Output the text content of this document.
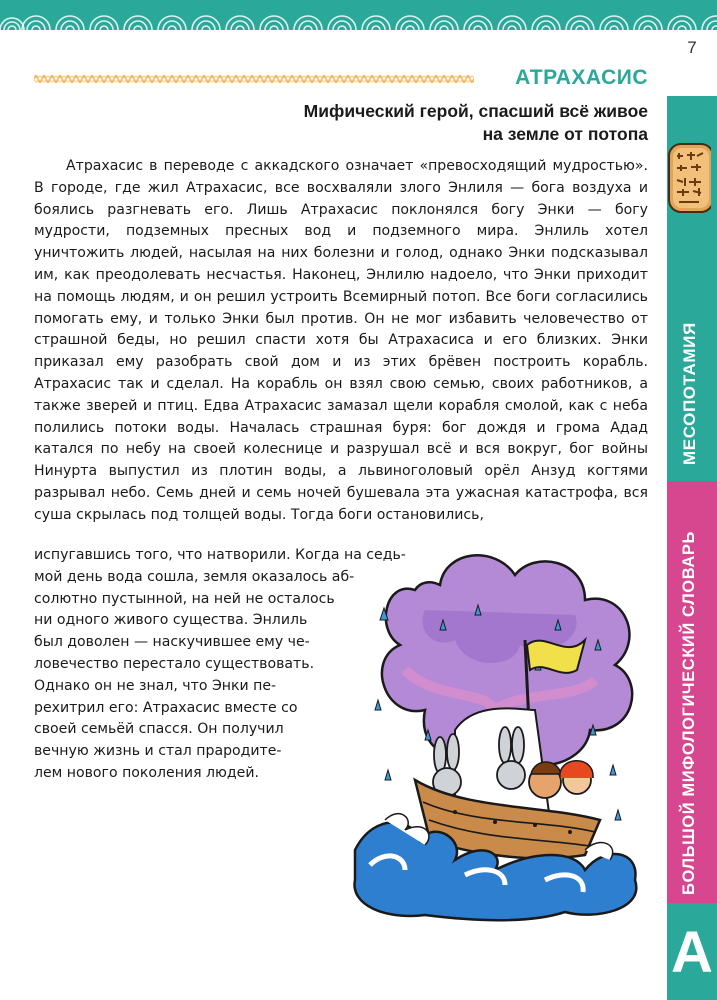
7
МЕСОПОТАМИЯ
БОЛЬШОЙ МИФОЛОГИЧЕСКИЙ СЛОВАРЬ
А
АТРАХАСИС
Мифический герой, спасший всё живое
на земле от потопа

Атрахасис в переводе с аккадского означает «превосходящий мудростью». В городе, где жил Атрахасис, все восхваляли злого Энлиля — бога воздуха и боялись разгневать его. Лишь Атрахасис поклонялся богу Энки — богу мудрости, подземных пресных вод и подземного мира. Энлиль хотел уничтожить людей, насылая на них болезни и голод, однако Энки подсказывал им, как преодолевать несчастья. Наконец, Энлилю надоело, что Энки приходит на помощь людям, и он решил устроить Всемирный потоп. Все боги согласились помогать ему, и только Энки был против. Он не мог избавить человечество от страшной беды, но решил спасти хотя бы Атрахасиса и его близких. Энки приказал ему разобрать свой дом и из этих брёвен построить корабль. Атрахасис так и сделал. На корабль он взял свою семью, своих работников, а также зверей и птиц. Едва Атрахасис замазал щели корабля смолой, как с неба полились потоки воды. Началась страшная буря: бог дождя и грома Адад катался по небу на своей колеснице и разрушал всё и вся вокруг, бог войны Нинурта выпустил из плотин воды, а львиноголовый орёл Анзуд когтями разрывал небо. Семь дней и семь ночей бушевала эта ужасная катастрофа, вся суша скрылась под толщей воды. Тогда боги остановились,

испугавшись того, что натворили. Когда на седь-
мой день вода сошла, земля оказалось аб-
солютно пустынной, на ней не осталось
ни одного живого существа. Энлиль
был доволен — наскучившее ему че-
ловечество перестало существовать.
Однако он не знал, что Энки пе-
рехитрил его: Атрахасис вместе со
своей семьёй спасся. Он получил
вечную жизнь и стал прародите-
лем нового поколения людей.
